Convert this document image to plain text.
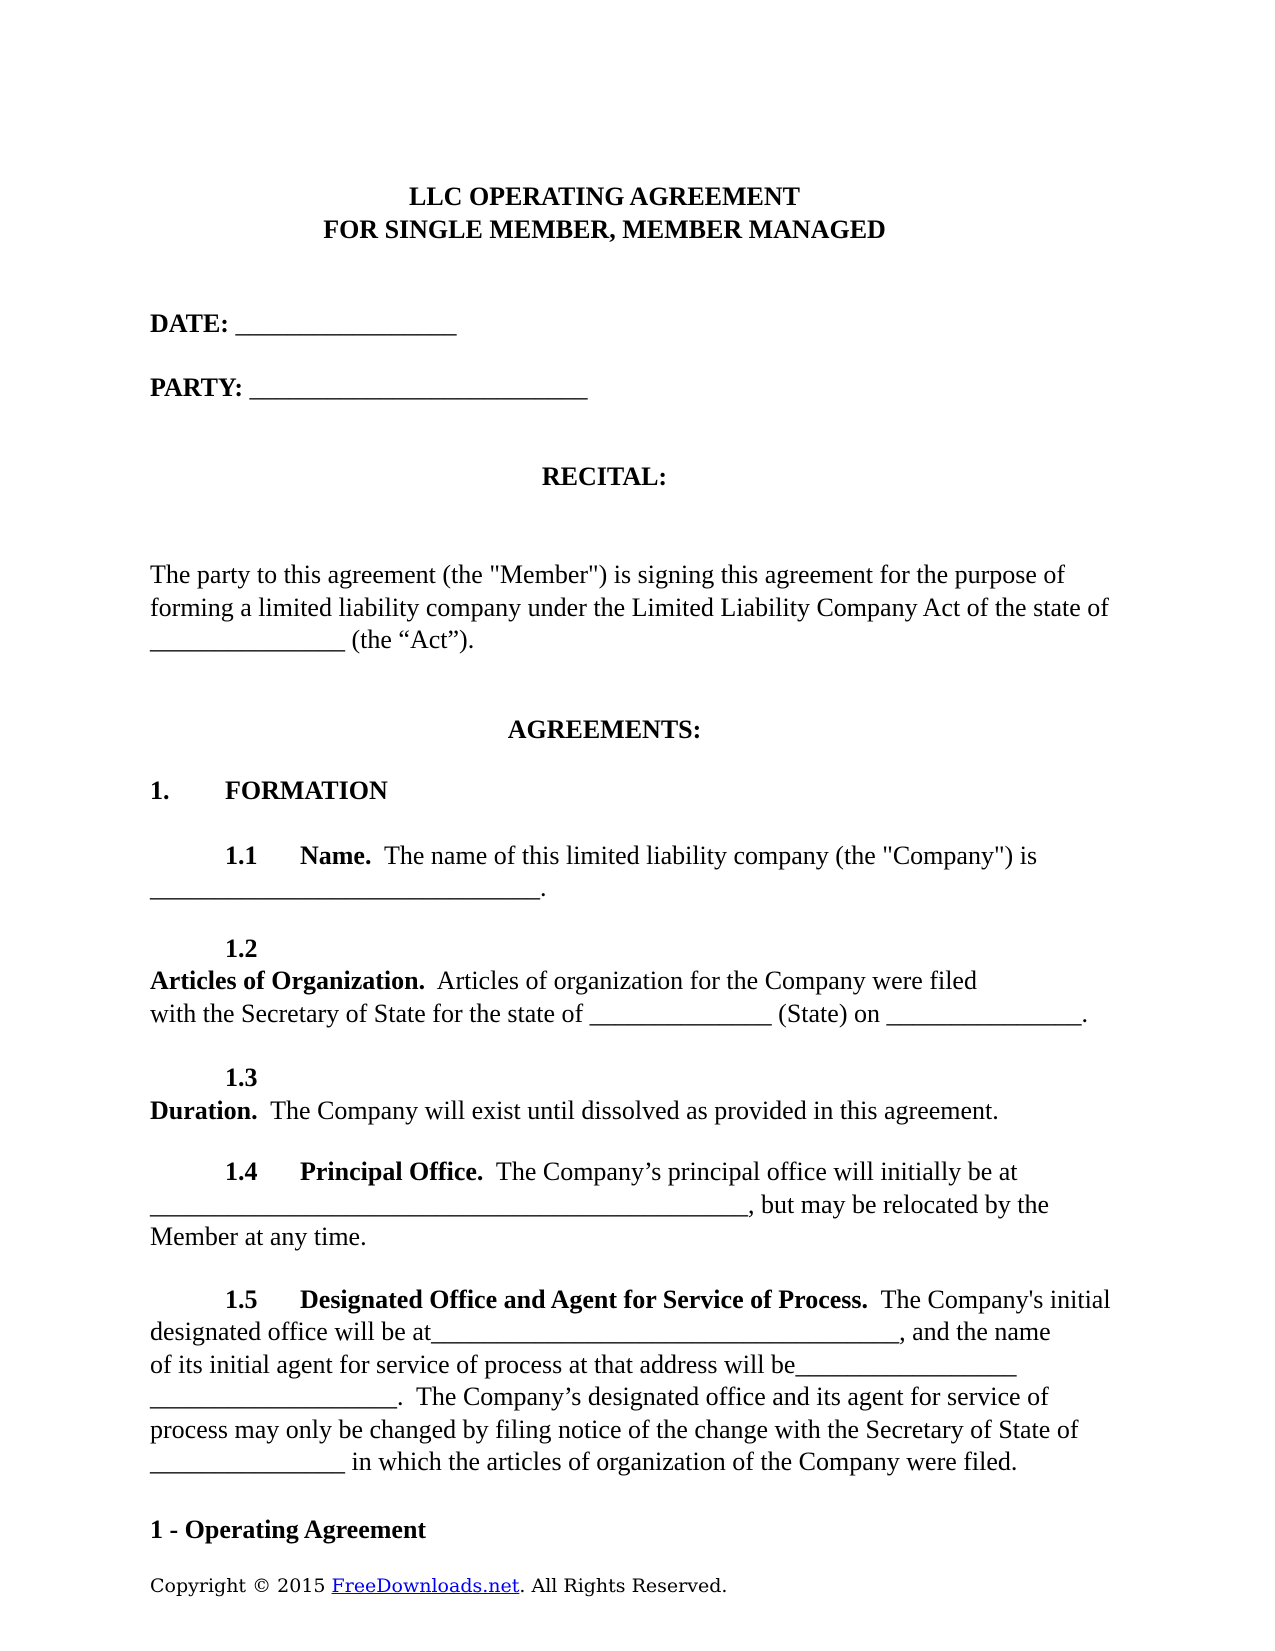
LLC OPERATING AGREEMENT
FOR SINGLE MEMBER, MEMBER MANAGED

DATE: _________________

PARTY: __________________________

RECITAL:

The party to this agreement (the "Member") is signing this agreement for the purpose of
forming a limited liability company under the Limited Liability Company Act of the state of
_______________ (the “Act”).

AGREEMENTS:

1. FORMATION

1.1 Name.  The name of this limited liability company (the "Company") is
______________________________.

1.2Articles of Organization.  Articles of organization for the Company were filed
with the Secretary of State for the state of ______________ (State) on _______________.

1.3Duration.  The Company will exist until dissolved as provided in this agreement.

1.4 Principal Office.  The Company’s principal office will initially be at
______________________________________________, but may be relocated by the
Member at any time.

1.5 Designated Office and Agent for Service of Process.  The Company's initial
designated office will be at____________________________________, and the name
of its initial agent for service of process at that address will be_________________
___________________.  The Company’s designated office and its agent for service of
process may only be changed by filing notice of the change with the Secretary of State of
_______________ in which the articles of organization of the Company were filed.

1 - Operating Agreement

Copyright © 2015 FreeDownloads.net. All Rights Reserved.
